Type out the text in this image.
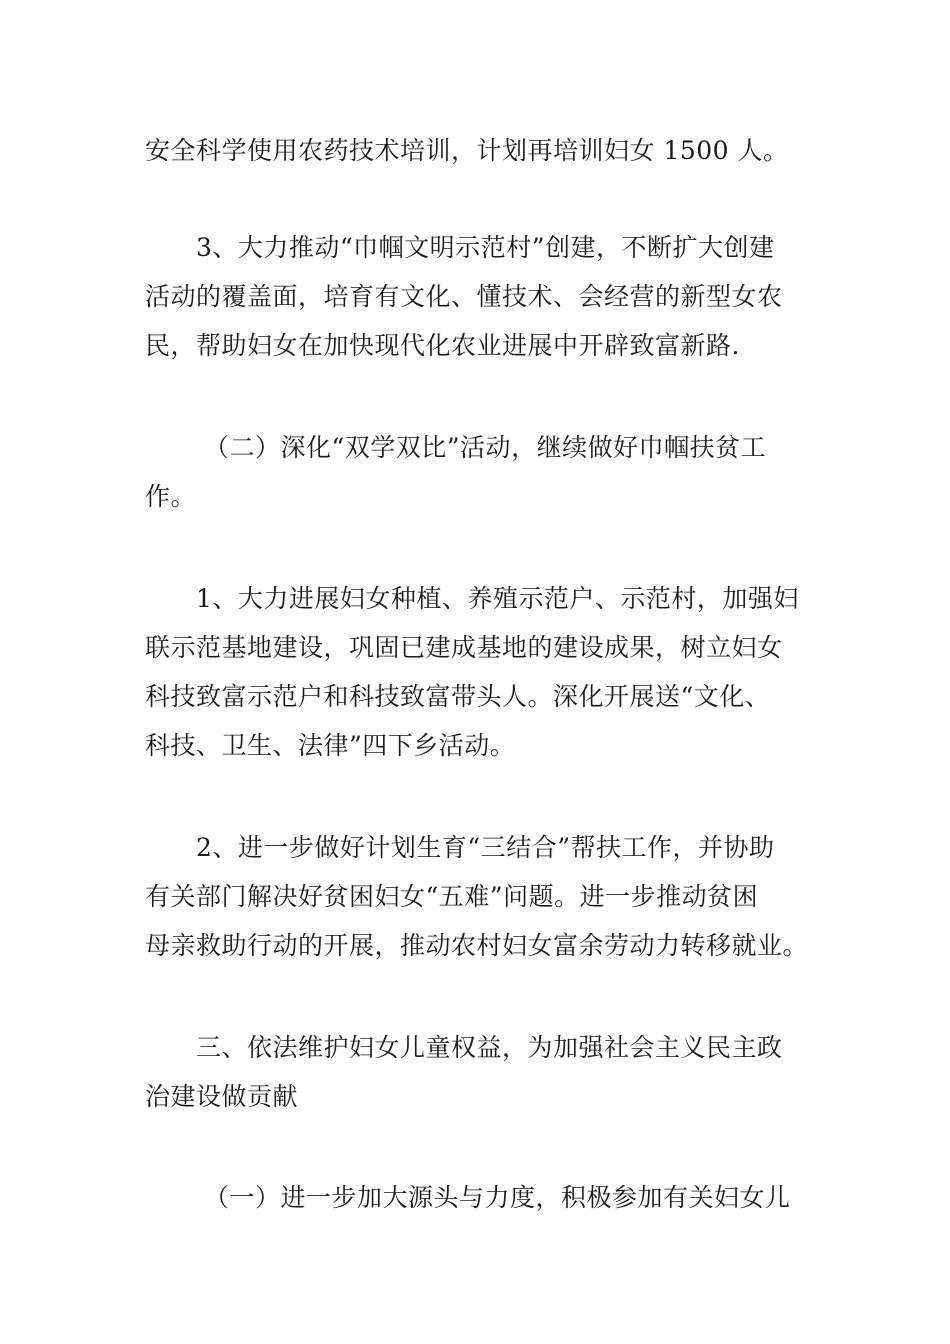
安全科学使用农药技术培训，计划再培训妇女 1500 人。
3、大力推动“巾帼文明示范村”创建，不断扩大创建
活动的覆盖面，培育有文化、懂技术、会经营的新型女农
民，帮助妇女在加快现代化农业进展中开辟致富新路.
（二）深化“双学双比”活动，继续做好巾帼扶贫工
作。
1、大力进展妇女种植、养殖示范户、示范村，加强妇
联示范基地建设，巩固已建成基地的建设成果，树立妇女
科技致富示范户和科技致富带头人。深化开展送“文化、
科技、卫生、法律”四下乡活动。
2、进一步做好计划生育“三结合”帮扶工作，并协助
有关部门解决好贫困妇女“五难”问题。进一步推动贫困
母亲救助行动的开展，推动农村妇女富余劳动力转移就业。
三、依法维护妇女儿童权益，为加强社会主义民主政
治建设做贡献
（一）进一步加大源头与力度，积极参加有关妇女儿
